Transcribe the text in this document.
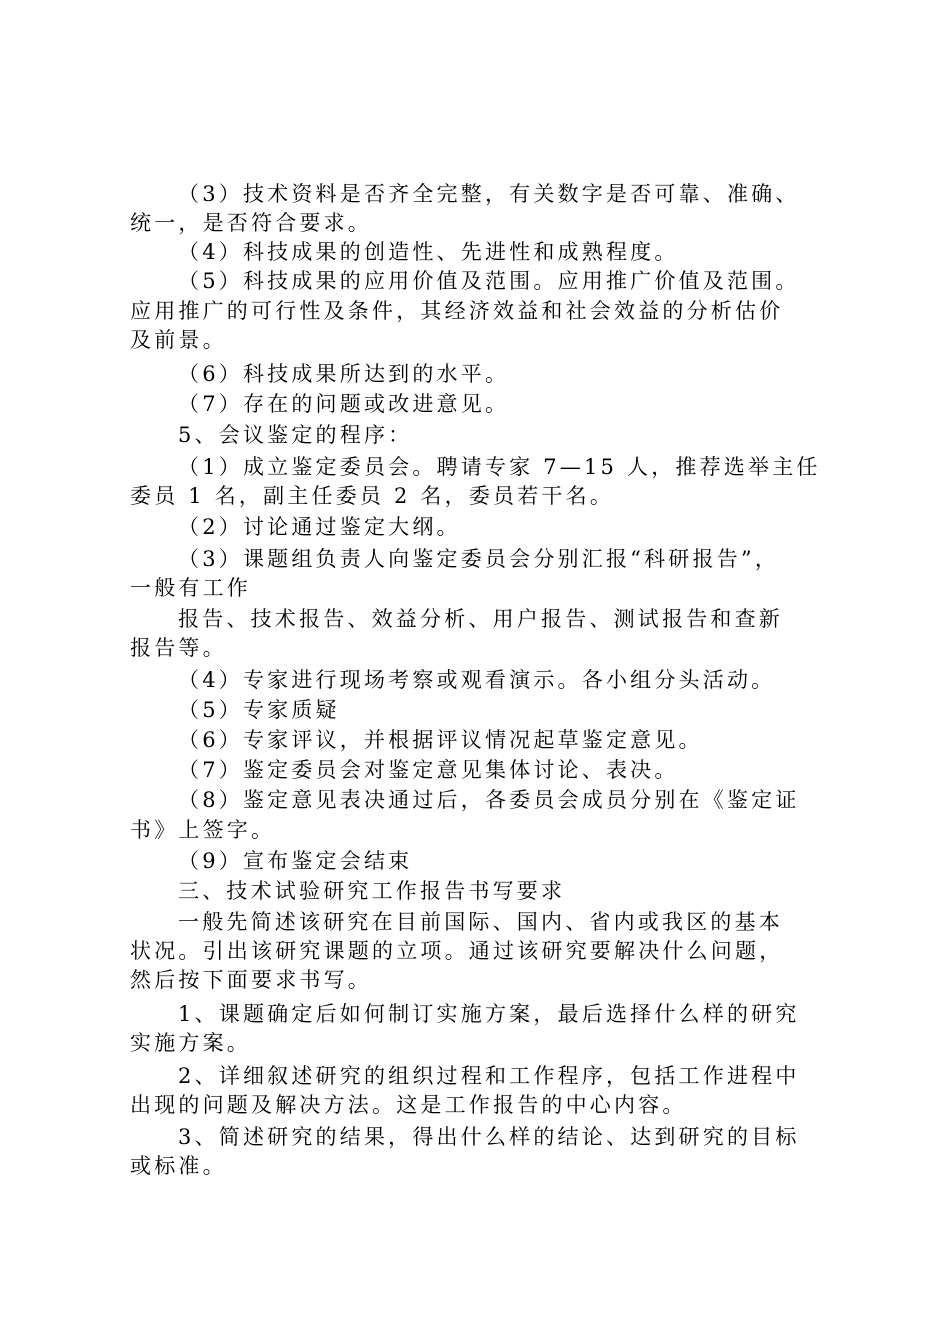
（3）技术资料是否齐全完整，有关数字是否可靠、准确、
统一，是否符合要求。
（4）科技成果的创造性、先进性和成熟程度。
（5）科技成果的应用价值及范围。应用推广价值及范围。
应用推广的可行性及条件，其经济效益和社会效益的分析估价
及前景。
（6）科技成果所达到的水平。
（7）存在的问题或改进意见。
5、会议鉴定的程序：
（1）成立鉴定委员会。聘请专家 7—15 人，推荐选举主任
委员 1 名，副主任委员 2 名，委员若干名。
（2）讨论通过鉴定大纲。
（3）课题组负责人向鉴定委员会分别汇报“科研报告”，
一般有工作
报告、技术报告、效益分析、用户报告、测试报告和查新
报告等。
（4）专家进行现场考察或观看演示。各小组分头活动。
（5）专家质疑
（6）专家评议，并根据评议情况起草鉴定意见。
（7）鉴定委员会对鉴定意见集体讨论、表决。
（8）鉴定意见表决通过后，各委员会成员分别在《鉴定证
书》上签字。
（9）宣布鉴定会结束
三、技术试验研究工作报告书写要求
一般先简述该研究在目前国际、国内、省内或我区的基本
状况。引出该研究课题的立项。通过该研究要解决什么问题，
然后按下面要求书写。
1、课题确定后如何制订实施方案，最后选择什么样的研究
实施方案。
2、详细叙述研究的组织过程和工作程序，包括工作进程中
出现的问题及解决方法。这是工作报告的中心内容。
3、简述研究的结果，得出什么样的结论、达到研究的目标
或标准。
